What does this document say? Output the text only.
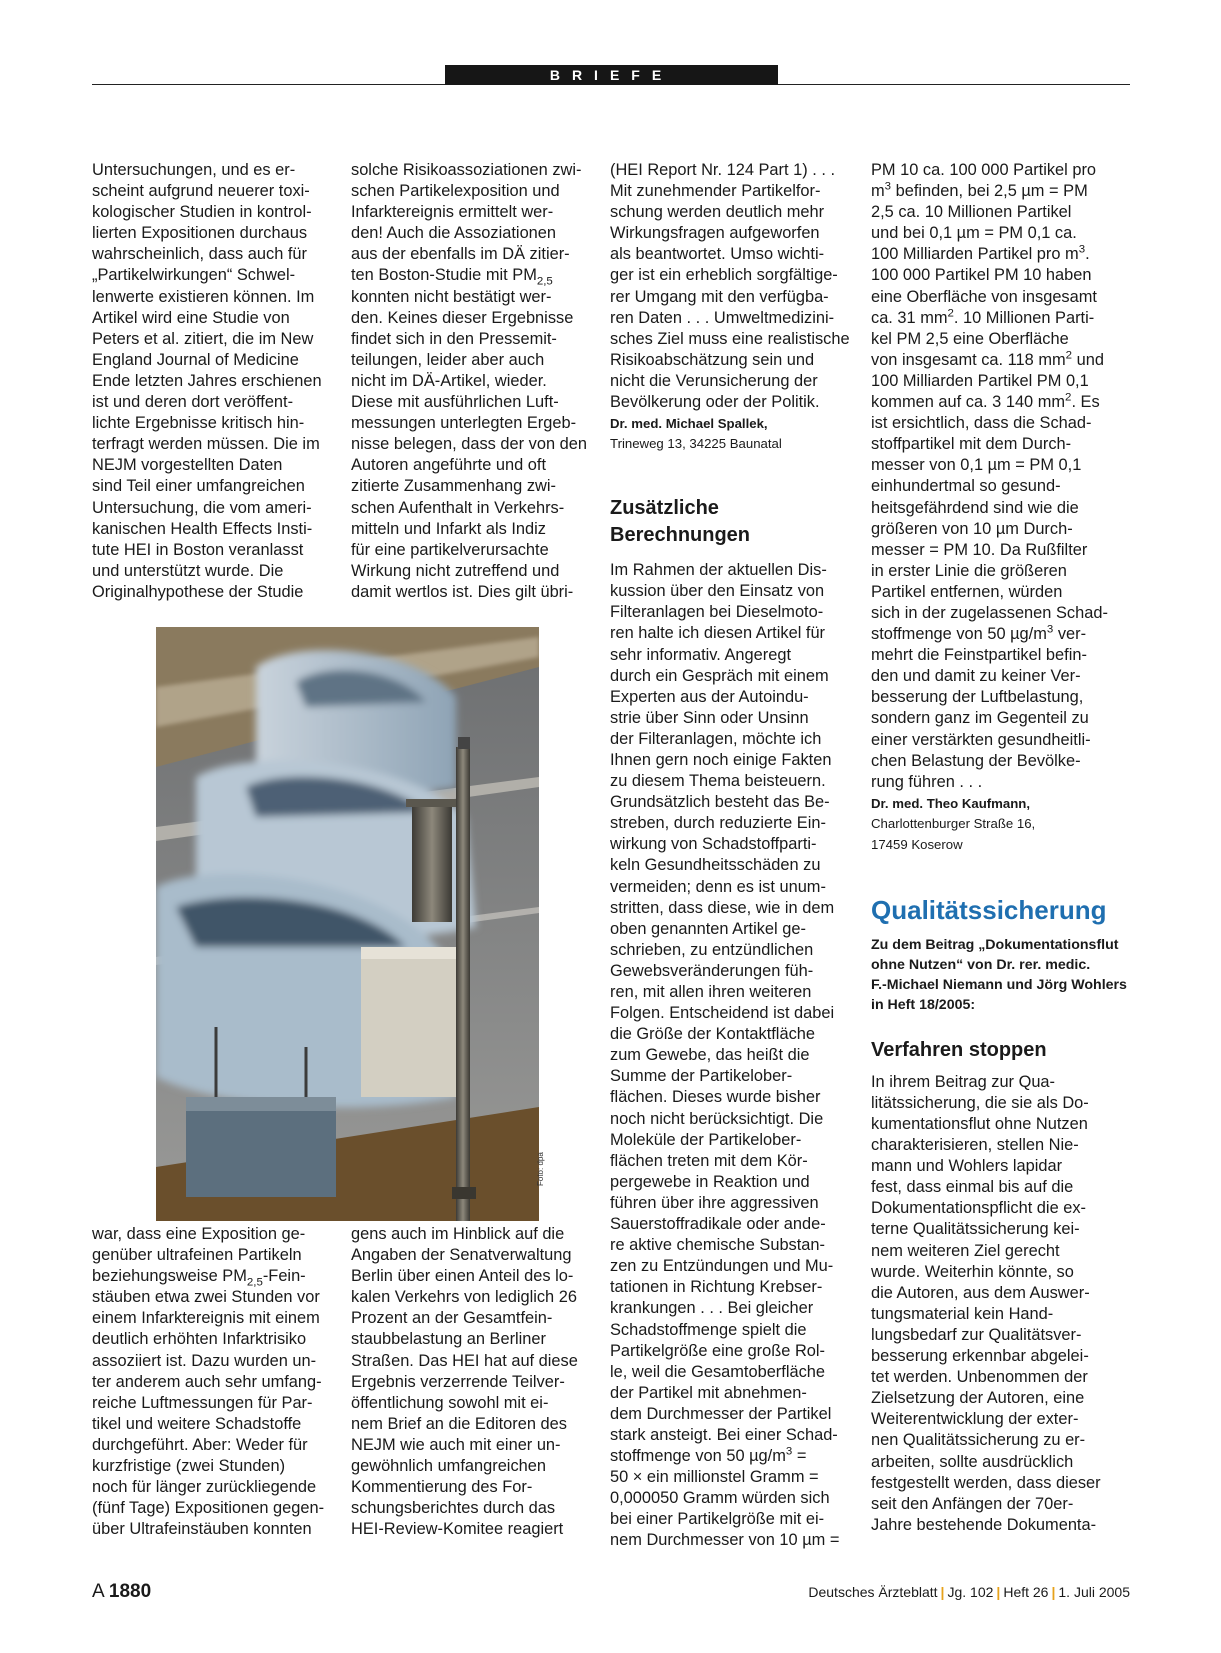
BRIEFE
Untersuchungen, und es er-
scheint aufgrund neuerer toxi-
kologischer Studien in kontrol-
lierten Expositionen durchaus
wahrscheinlich, dass auch für
„Partikelwirkungen“ Schwel-
lenwerte existieren können. Im
Artikel wird eine Studie von
Peters et al. zitiert, die im New
England Journal of Medicine
Ende letzten Jahres erschienen
ist und deren dort veröffent-
lichte Ergebnisse kritisch hin-
terfragt werden müssen. Die im
NEJM vorgestellten Daten
sind Teil einer umfangreichen
Untersuchung, die vom ameri-
kanischen Health Effects Insti-
tute HEI in Boston veranlasst
und unterstützt wurde. Die
Originalhypothese der Studie
war, dass eine Exposition ge-
genüber ultrafeinen Partikeln
beziehungsweise $PM_{2,5}-Fein-$
stäuben etwa zwei Stunden vor
einem Infarktereignis mit einem
deutlich erhöhten Infarktrisiko
assoziiert ist. Dazu wurden un-
ter anderem auch sehr umfang-
reiche Luftmessungen für Par-
tikel und weitere Schadstoffe
durchgeführt. Aber: Weder für
kurzfristige (zwei Stunden)
noch für länger zurückliegende
(fünf Tage) Expositionen gegen-
über Ultrafeinstäuben konnten
solche Risikoassoziationen zwi-
schen Partikelexposition und
Infarktereignis ermittelt wer-
den! Auch die Assoziationen
aus der ebenfalls im DÄ zitier-
ten Boston-Studie mit $PM_{2,5}$
konnten nicht bestätigt wer-
den. Keines dieser Ergebnisse
findet sich in den Pressemit-
teilungen, leider aber auch
nicht im DÄ-Artikel, wieder.
Diese mit ausführlichen Luft-
messungen unterlegten Ergeb-
nisse belegen, dass der von den
Autoren angeführte und oft
zitierte Zusammenhang zwi-
schen Aufenthalt in Verkehrs-
mitteln und Infarkt als Indiz
für eine partikelverursachte
Wirkung nicht zutreffend und
damit wertlos ist. Dies gilt übri-
gens auch im Hinblick auf die
Angaben der Senatverwaltung
Berlin über einen Anteil des lo-
kalen Verkehrs von lediglich 26
Prozent an der Gesamtfein-
staubbelastung an Berliner
Straßen. Das HEI hat auf diese
Ergebnis verzerrende Teilver-
öffentlichung sowohl mit ei-
nem Brief an die Editoren des
NEJM wie auch mit einer un-
gewöhnlich umfangreichen
Kommentierung des For-
schungsberichtes durch das
HEI-Review-Komitee reagiert
Foto: dpa
(HEI Report Nr. 124 Part 1) . . .
Mit zunehmender Partikelfor-
schung werden deutlich mehr
Wirkungsfragen aufgeworfen
als beantwortet. Umso wichti-
ger ist ein erheblich sorgfältige-
rer Umgang mit den verfügba-
ren Daten . . . Umweltmedizini-
sches Ziel muss eine realistische
Risikoabschätzung sein und
nicht die Verunsicherung der
Bevölkerung oder der Politik.
Dr. med. Michael Spallek,
Trineweg 13, 34225 Baunatal
Zusätzliche
Berechnungen
Im Rahmen der aktuellen Dis-
kussion über den Einsatz von
Filteranlagen bei Dieselmoto-
ren halte ich diesen Artikel für
sehr informativ. Angeregt
durch ein Gespräch mit einem
Experten aus der Autoindu-
strie über Sinn oder Unsinn
der Filteranlagen, möchte ich
Ihnen gern noch einige Fakten
zu diesem Thema beisteuern.
Grundsätzlich besteht das Be-
streben, durch reduzierte Ein-
wirkung von Schadstoffparti-
keln Gesundheitsschäden zu
vermeiden; denn es ist unum-
stritten, dass diese, wie in dem
oben genannten Artikel ge-
schrieben, zu entzündlichen
Gewebsveränderungen füh-
ren, mit allen ihren weiteren
Folgen. Entscheidend ist dabei
die Größe der Kontaktfläche
zum Gewebe, das heißt die
Summe der Partikelober-
flächen. Dieses wurde bisher
noch nicht berücksichtigt. Die
Moleküle der Partikelober-
flächen treten mit dem Kör-
pergewebe in Reaktion und
führen über ihre aggressiven
Sauerstoffradikale oder ande-
re aktive chemische Substan-
zen zu Entzündungen und Mu-
tationen in Richtung Krebser-
krankungen . . . Bei gleicher
Schadstoffmenge spielt die
Partikelgröße eine große Rol-
le, weil die Gesamtoberfläche
der Partikel mit abnehmen-
dem Durchmesser der Partikel
stark ansteigt. Bei einer Schad-
stoffmenge von 50 $\mu g/m^3$ =
50 × ein millionstel Gramm =
0,000050 Gramm würden sich
bei einer Partikelgröße mit ei-
nem Durchmesser von 10 µm =
PM 10 ca. 100 000 Partikel pro
$m^3$ befinden, bei 2,5 µm = PM
2,5 ca. 10 Millionen Partikel
und bei 0,1 µm = PM 0,1 ca.
100 Milliarden Partikel pro $m^3$.
100 000 Partikel PM 10 haben
eine Oberfläche von insgesamt
ca. 31 $mm^2$. 10 Millionen Parti-
kel PM 2,5 eine Oberfläche
von insgesamt ca. 118 $mm^2$ und
100 Milliarden Partikel PM 0,1
kommen auf ca. 3 140 $mm^2$. Es
ist ersichtlich, dass die Schad-
stoffpartikel mit dem Durch-
messer von 0,1 µm = PM 0,1
einhundertmal so gesund-
heitsgefährdend sind wie die
größeren von 10 µm Durch-
messer = PM 10. Da Rußfilter
in erster Linie die größeren
Partikel entfernen, würden
sich in der zugelassenen Schad-
stoffmenge von 50 $\mu g/m^3$ ver-
mehrt die Feinstpartikel befin-
den und damit zu keiner Ver-
besserung der Luftbelastung,
sondern ganz im Gegenteil zu
einer verstärkten gesundheitli-
chen Belastung der Bevölke-
rung führen . . .
Dr. med. Theo Kaufmann,
Charlottenburger Straße 16,
17459 Koserow
Qualitätssicherung
Zu dem Beitrag „Dokumentationsflut
ohne Nutzen“ von Dr. rer. medic.
F.-Michael Niemann und Jörg Wohlers
in Heft 18/2005:
Verfahren stoppen
In ihrem Beitrag zur Qua-
litätssicherung, die sie als Do-
kumentationsflut ohne Nutzen
charakterisieren, stellen Nie-
mann und Wohlers lapidar
fest, dass einmal bis auf die
Dokumentationspflicht die ex-
terne Qualitätssicherung kei-
nem weiteren Ziel gerecht
wurde. Weiterhin könnte, so
die Autoren, aus dem Auswer-
tungsmaterial kein Hand-
lungsbedarf zur Qualitätsver-
besserung erkennbar abgelei-
tet werden. Unbenommen der
Zielsetzung der Autoren, eine
Weiterentwicklung der exter-
nen Qualitätssicherung zu er-
arbeiten, sollte ausdrücklich
festgestellt werden, dass dieser
seit den Anfängen der 70er-
Jahre bestehende Dokumenta-
A 1880	Deutsches Ärzteblatt | Jg. 102 | Heft 26 | 1. Juli 2005
